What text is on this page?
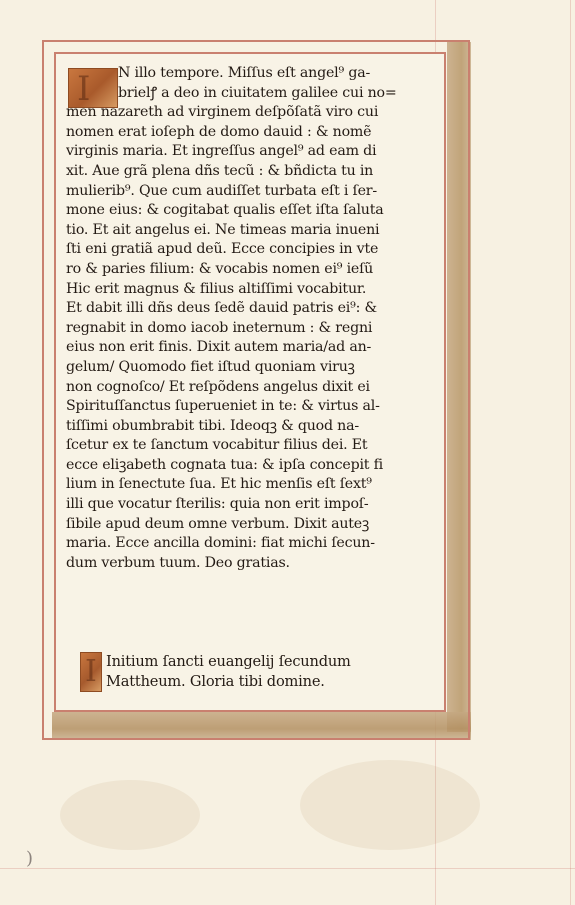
I	N illo tempore. Miſſus eſt angel⁹ ga-
brielꝭ a deo in ciuitatem galilee cui no=
men nazareth ad virginem deſpõſatã viro cui
nomen erat ioſeph de domo dauid : & nomẽ
virginis maria. Et ingreſſus angel⁹ ad eam di
xit. Aue grã plena dñs tecũ : & bñdicta tu in
mulierib⁹. Que cum audiſſet turbata eſt i ſer-
mone eius: & cogitabat qualis eſſet iſta ſaluta
tio. Et ait angelus ei. Ne timeas maria inueni
ſti eni gratiã apud deũ. Ecce concipies in vte
ro & paries filium: & vocabis nomen ei⁹ ieſũ
Hic erit magnus & filius altiſſimi vocabitur.
Et dabit illi dñs deus ſedẽ dauid patris ei⁹: &
regnabit in domo iacob ineternum : & regni
eius non erit finis. Dixit autem maria/ad an-
gelum/ Quomodo fiet iſtud quoniam viruꝫ
non cognoſco/ Et reſpõdens angelus dixit ei
Spirituſſanctus ſuperueniet in te: & virtus al-
tiſſimi obumbrabit tibi. Ideoqꝫ & quod na-
ſcetur ex te ſanctum vocabitur filius dei. Et
ecce eliꝫabeth cognata tua: & ipſa concepit fi
lium in ſenectute ſua. Et hic menſis eſt ſext⁹
illi que vocatur ſterilis: quia non erit impoſ-
ſibile apud deum omne verbum. Dixit auteꝫ
maria. Ecce ancilla domini: fiat michi ſecun-
dum verbum tuum. Deo gratias.
I Initium ſancti euangelij ſecundum
Mattheum. Gloria tibi domine.
)
